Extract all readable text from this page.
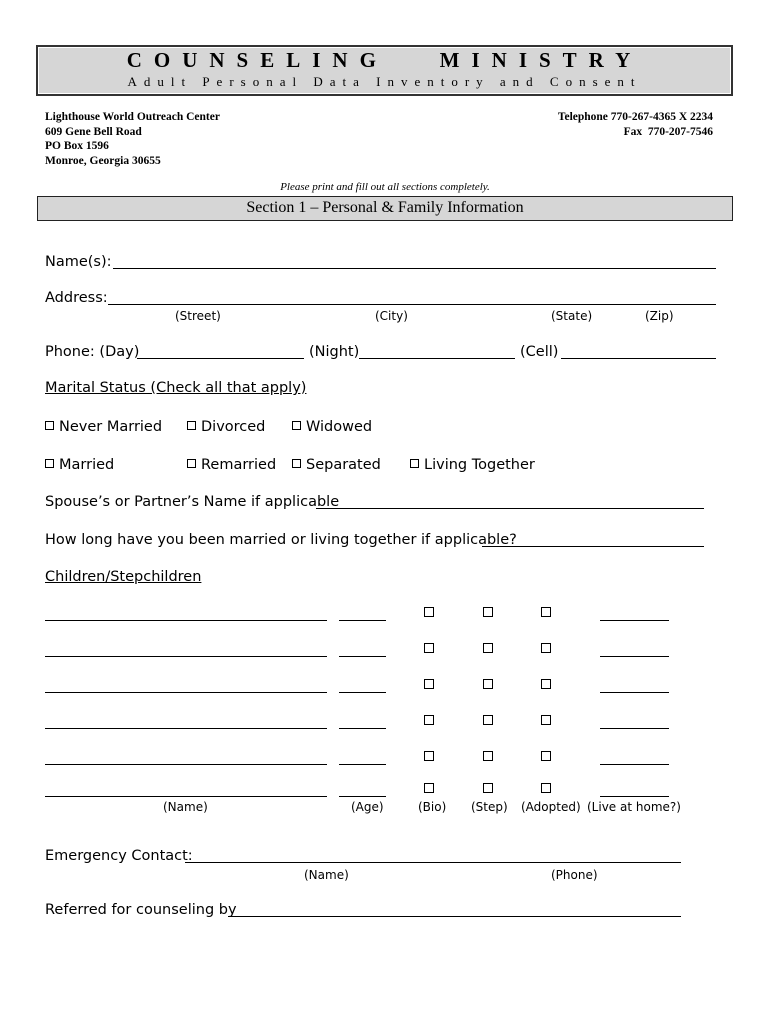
COUNSELING   MINISTRY
Adult Personal Data Inventory and Consent
Lighthouse World Outreach Center
609 Gene Bell Road
PO Box 1596
Monroe, Georgia 30655
Telephone 770-267-4365 X 2234
Fax  770-207-7546
Please print and fill out all sections completely.
Section 1 – Personal & Family Information
Name(s):
Address:
(Street)	(City)	(State)	(Zip)
Phone: (Day)	(Night)	(Cell)
Marital Status (Check all that apply)
Never Married	Divorced	Widowed
Married	Remarried	Separated	Living Together
Spouse’s or Partner’s Name if applicable
How long have you been married or living together if applicable?
Children/Stepchildren
(Name)	(Age)	(Bio) (Step) (Adopted) (Live at home?)
Emergency Contact:
(Name)	(Phone)
Referred for counseling by
